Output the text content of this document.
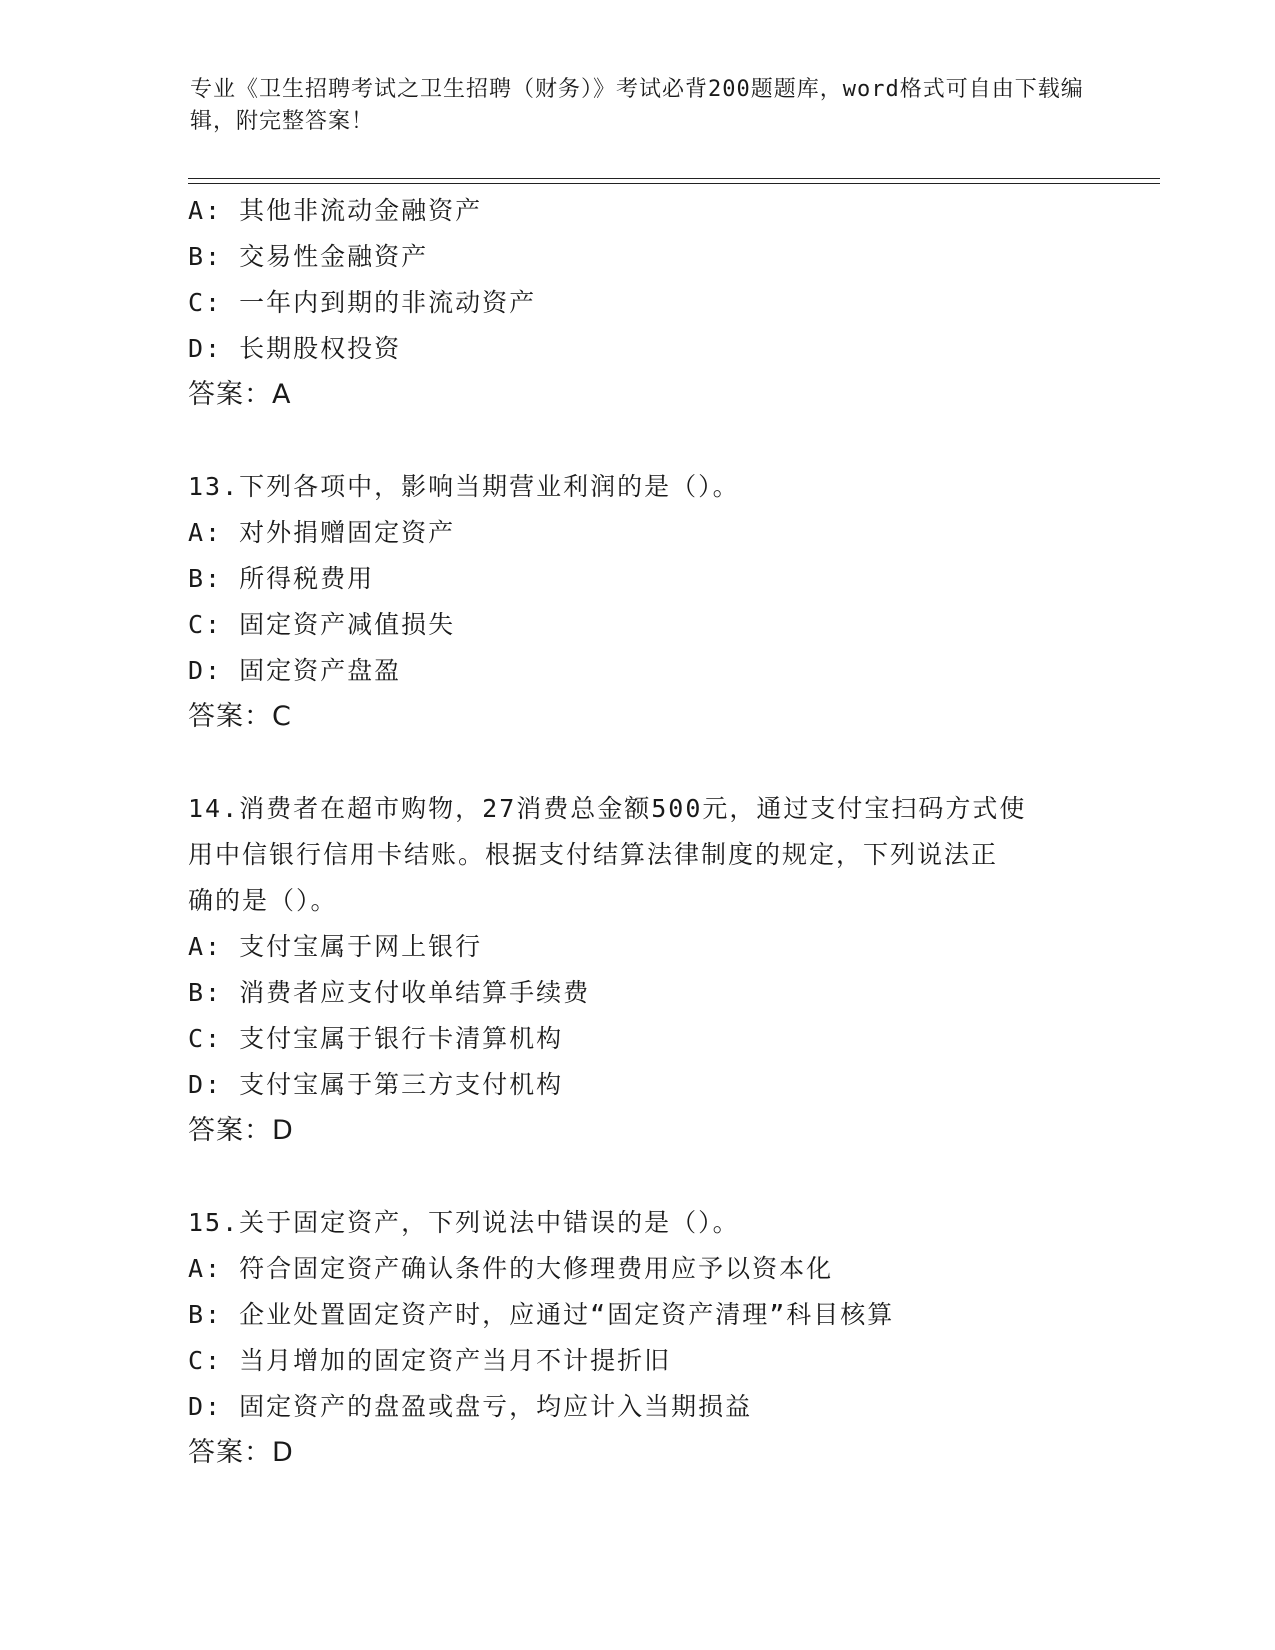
专业《卫生招聘考试之卫生招聘（财务）》考试必背200题题库，word格式可自由下载编辑，附完整答案！
A: 其他非流动金融资产
B: 交易性金融资产
C: 一年内到期的非流动资产
D: 长期股权投资
答案：A
13.下列各项中，影响当期营业利润的是（）。
A: 对外捐赠固定资产
B: 所得税费用
C: 固定资产减值损失
D: 固定资产盘盈
答案：C
14.消费者在超市购物，27消费总金额500元，通过支付宝扫码方式使
用中信银行信用卡结账。根据支付结算法律制度的规定，下列说法正
确的是（）。
A: 支付宝属于网上银行
B: 消费者应支付收单结算手续费
C: 支付宝属于银行卡清算机构
D: 支付宝属于第三方支付机构
答案：D
15.关于固定资产，下列说法中错误的是（）。
A: 符合固定资产确认条件的大修理费用应予以资本化
B: 企业处置固定资产时，应通过“固定资产清理”科目核算
C: 当月增加的固定资产当月不计提折旧
D: 固定资产的盘盈或盘亏，均应计入当期损益
答案：D
